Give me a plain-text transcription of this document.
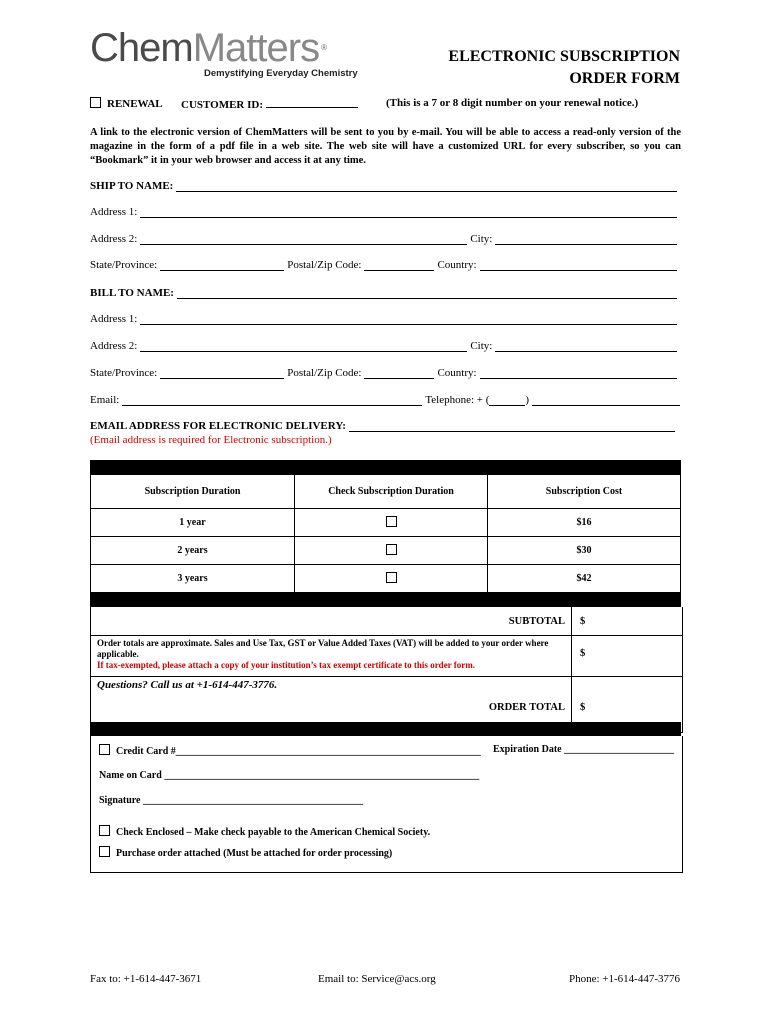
ChemMatters ®
Demystifying Everyday Chemistry
ELECTRONIC SUBSCRIPTION
ORDER FORM
RENEWAL CUSTOMER ID:	(This is a 7 or 8 digit number on your renewal notice.)
A link to the electronic version of ChemMatters will be sent to you by e-mail. You will be able to access a read-only version of the magazine in the form of a pdf file in a web site. The web site will have a customized URL for every subscriber, so you can “Bookmark” it in your web browser and access it at any time.
SHIP TO NAME:
Address 1:
Address 2:	City:
State/Province:	Postal/Zip Code:	Country:
BILL TO NAME:
Address 1:
Address 2:	City:
State/Province:	Postal/Zip Code:	Country:
Email:	Telephone: + (	)
EMAIL ADDRESS FOR ELECTRONIC DELIVERY:
(Email address is required for Electronic subscription.)
Subscription Duration	Check Subscription Duration	Subscription Cost
1 year		$16
2 years		$30
3 years		$42
SUBTOTAL	$
Order totals are approximate. Sales and Use Tax, GST or Value Added Taxes (VAT) will be added to your order where applicable.
If tax-exempted, please attach a copy of your institution’s tax exempt certificate to this order form.
$
Questions? Call us at +1-614-447-3776.
ORDER TOTAL	$
Credit Card #_____________________________________________________________ Expiration Date ______________________
Name on Card _______________________________________________________________
Signature ____________________________________________
Check Enclosed – Make check payable to the American Chemical Society.
Purchase order attached (Must be attached for order processing)
Fax to: +1-614-447-3671	Email to: Service@acs.org	Phone: +1-614-447-3776
